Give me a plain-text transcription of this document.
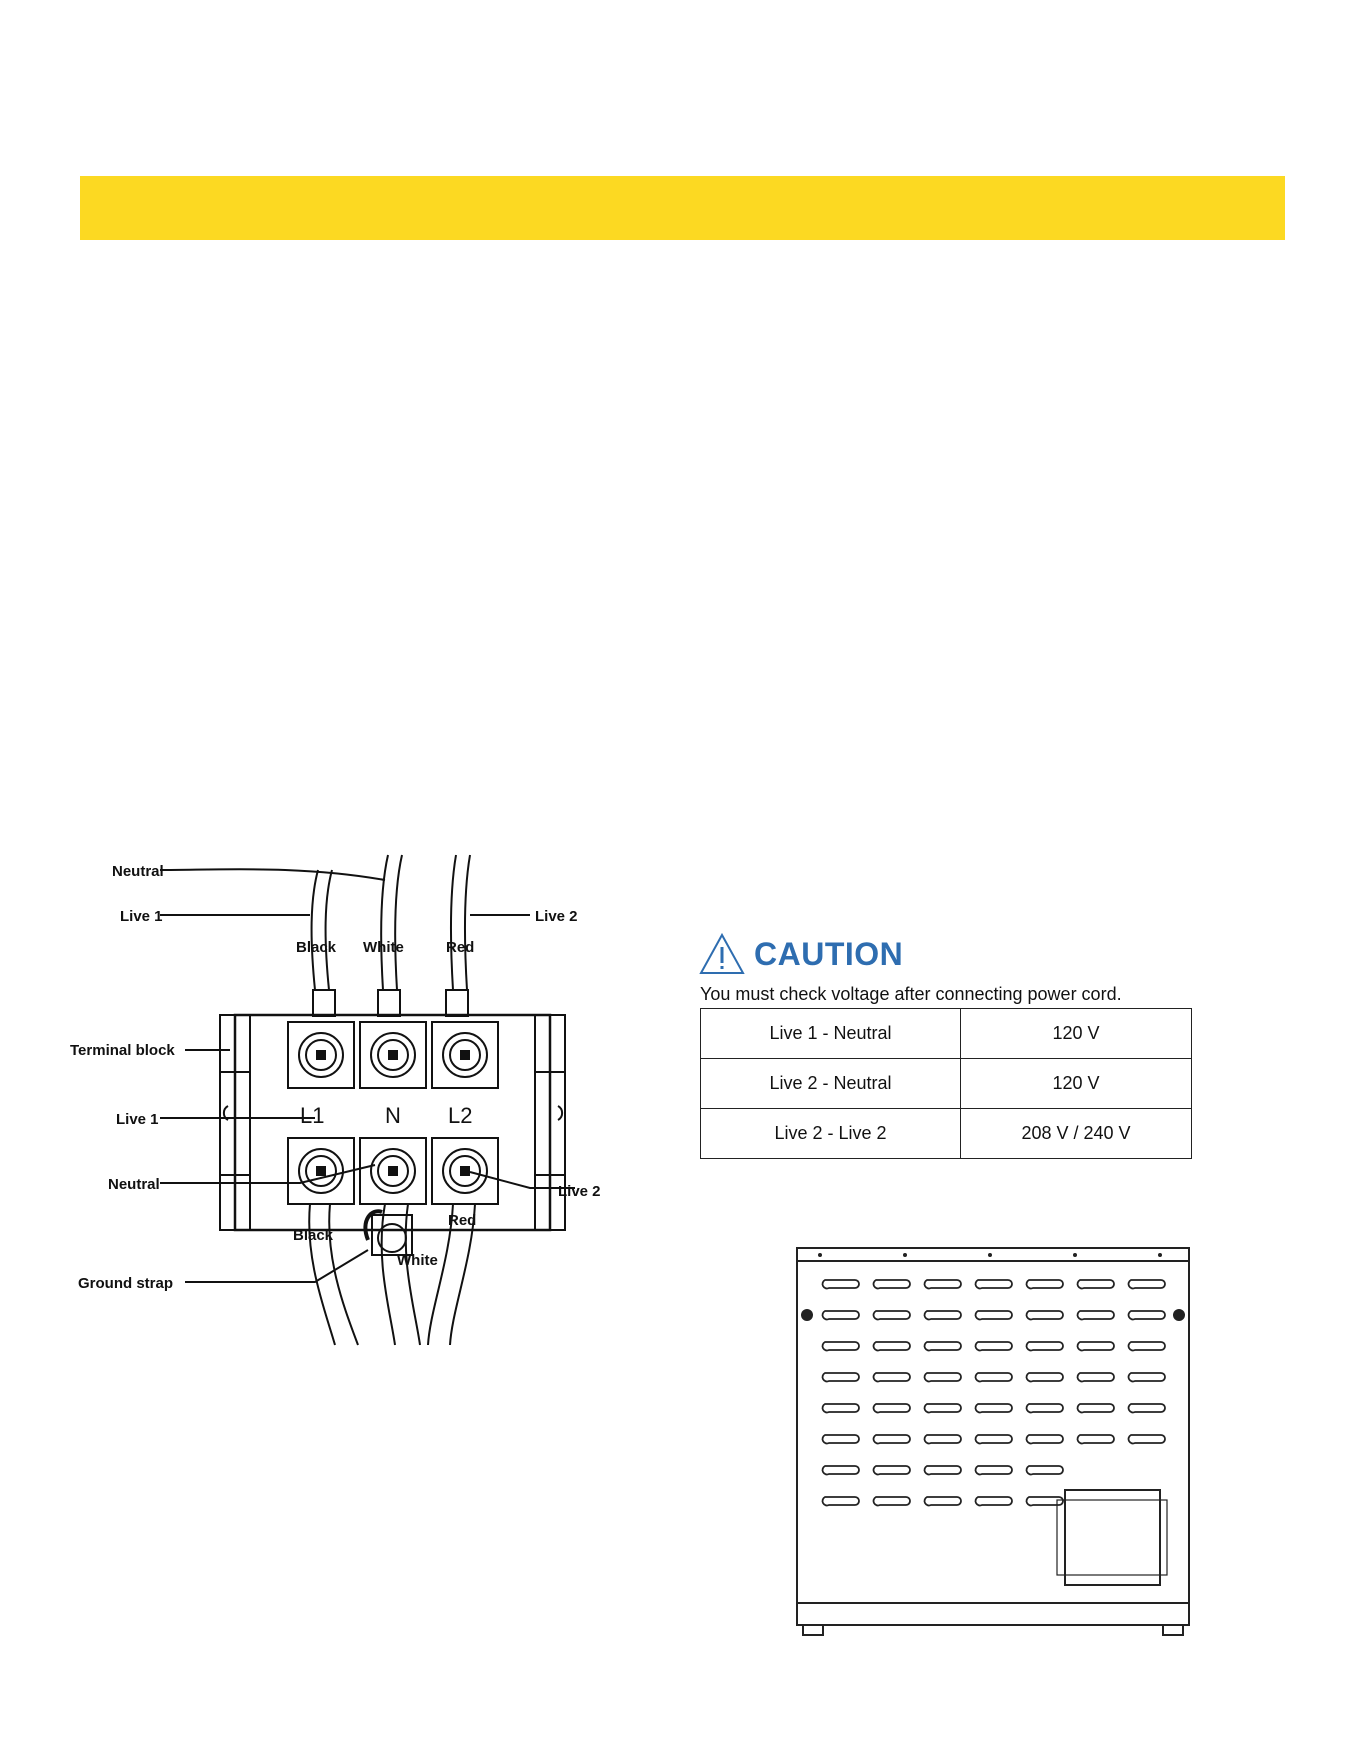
Neutral
Live 1	Live 2
Black White	Red
Terminal block
L1	N L2
Live 1
Neutral	Live 2
Black
White
Red
Ground strap
CAUTION
You must check voltage after connecting power cord.
Live 1 - Neutral	120 V
Live 2 - Neutral	120 V
Live 2 - Live 2	208 V / 240 V
